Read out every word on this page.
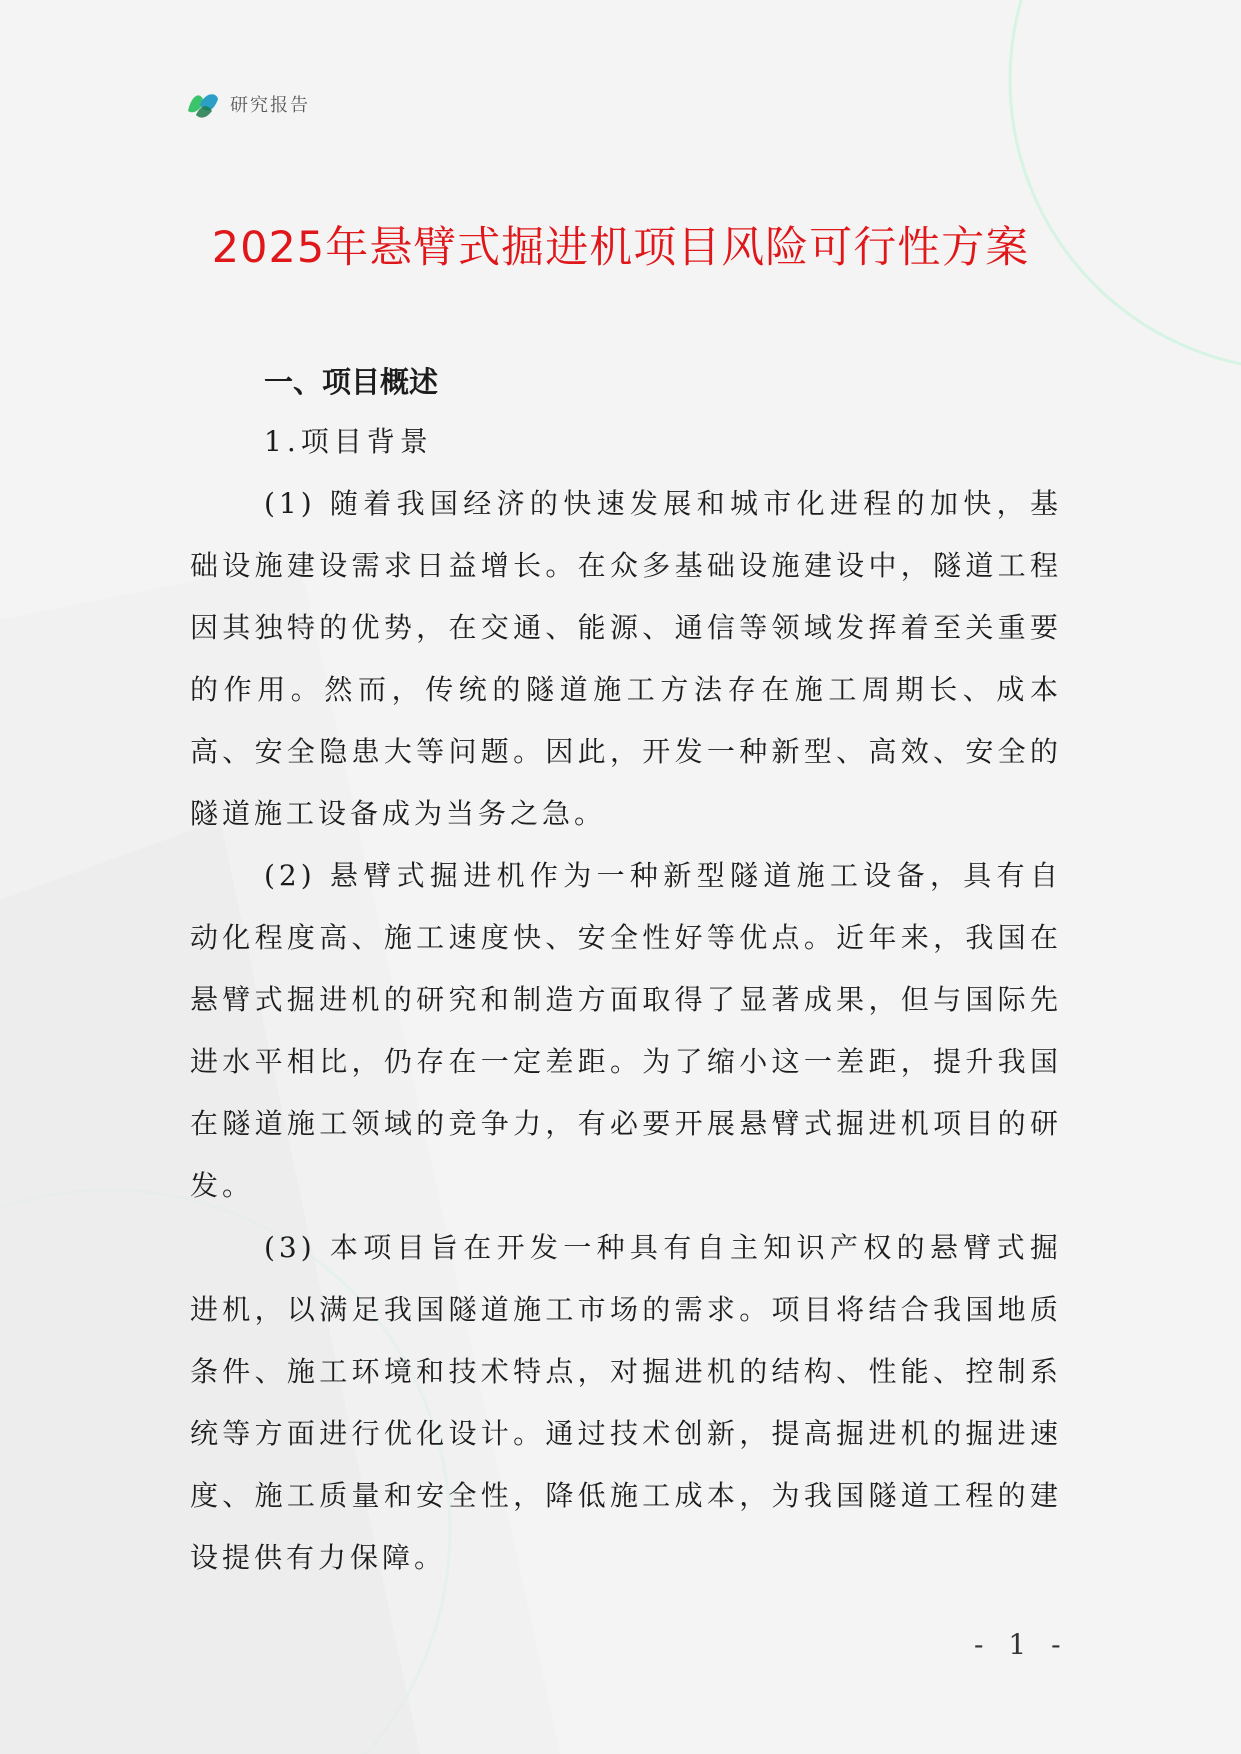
研究报告
2025年悬臂式掘进机项目风险可行性方案
一、项目概述
1.项目背景

(1) 随着我国经济的快速发展和城市化进程的加快，基础设施建设需求日益增长。在众多基础设施建设中，隧道工程因其独特的优势，在交通、能源、通信等领域发挥着至关重要的作用。然而，传统的隧道施工方法存在施工周期长、成本高、安全隐患大等问题。因此，开发一种新型、高效、安全的隧道施工设备成为当务之急。

(2) 悬臂式掘进机作为一种新型隧道施工设备，具有自动化程度高、施工速度快、安全性好等优点。近年来，我国在悬臂式掘进机的研究和制造方面取得了显著成果，但与国际先进水平相比，仍存在一定差距。为了缩小这一差距，提升我国在隧道施工领域的竞争力，有必要开展悬臂式掘进机项目的研发。

(3) 本项目旨在开发一种具有自主知识产权的悬臂式掘进机，以满足我国隧道施工市场的需求。项目将结合我国地质条件、施工环境和技术特点，对掘进机的结构、性能、控制系统等方面进行优化设计。通过技术创新，提高掘进机的掘进速度、施工质量和安全性，降低施工成本，为我国隧道工程的建设提供有力保障。

- 1 -
